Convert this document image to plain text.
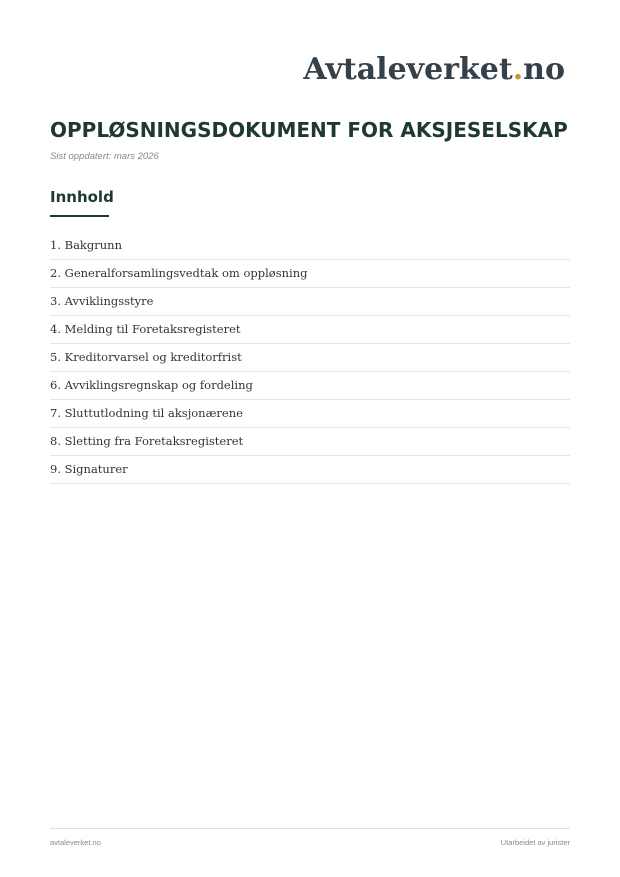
Avtaleverket.no
OPPLØSNINGSDOKUMENT FOR AKSJESELSKAP
Sist oppdatert: mars 2026
Innhold
1. Bakgrunn
2. Generalforsamlingsvedtak om oppløsning
3. Avviklingsstyre
4. Melding til Foretaksregisteret
5. Kreditorvarsel og kreditorfrist
6. Avviklingsregnskap og fordeling
7. Sluttutlodning til aksjonærene
8. Sletting fra Foretaksregisteret
9. Signaturer
avtaleverket.no	Utarbeidet av jurister
